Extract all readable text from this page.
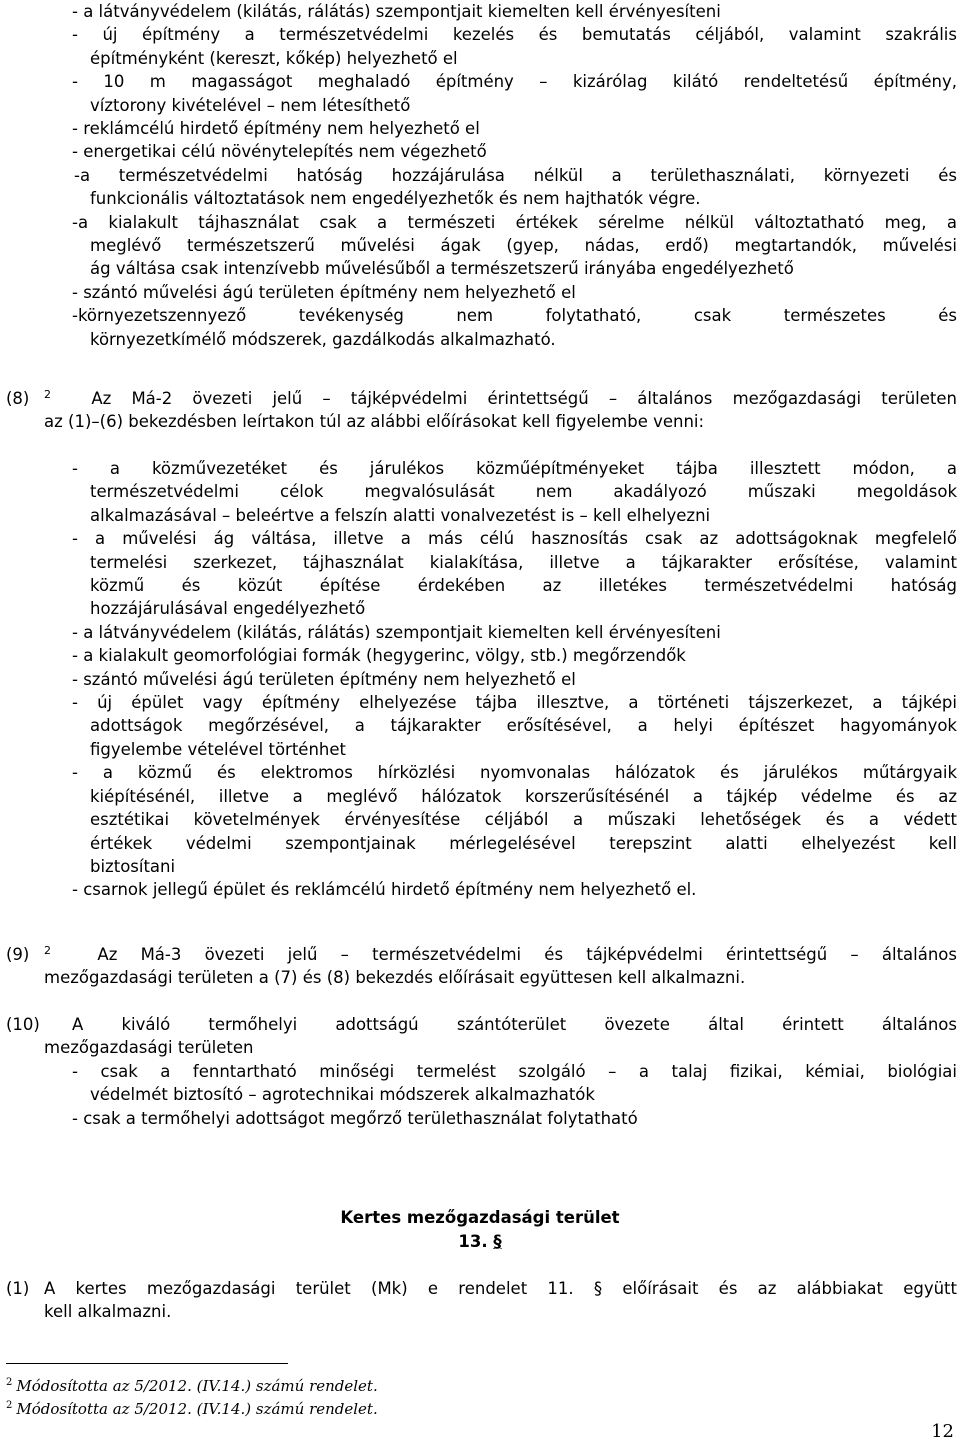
- a látványvédelem (kilátás, rálátás) szempontjait kiemelten kell érvényesíteni
- új építmény a természetvédelmi kezelés és bemutatás céljából, valamint szakrális
építményként (kereszt, kőkép) helyezhető el
- 10 m magasságot meghaladó építmény – kizárólag kilátó rendeltetésű építmény,
víztorony kivételével – nem létesíthető
- reklámcélú hirdető építmény nem helyezhető el
- energetikai célú növénytelepítés nem végezhető
-a természetvédelmi hatóság hozzájárulása nélkül a területhasználati, környezeti és
funkcionális változtatások nem engedélyezhetők és nem hajthatók végre.
-a kialakult tájhasználat csak a természeti értékek sérelme nélkül változtatható meg, a
meglévő természetszerű művelési ágak (gyep, nádas, erdő) megtartandók, művelési
ág váltása csak intenzívebb művelésűből a természetszerű irányába engedélyezhető
- szántó művelési ágú területen építmény nem helyezhető el
-környezetszennyező tevékenység nem folytatható, csak természetes és
környezetkímélő módszerek, gazdálkodás alkalmazható.
(8) $^2$ Az Má-2 övezeti jelű – tájképvédelmi érintettségű – általános mezőgazdasági területen
az (1)–(6) bekezdésben leírtakon túl az alábbi előírásokat kell figyelembe venni:
- a közművezetéket és járulékos közműépítményeket tájba illesztett módon, a
természetvédelmi célok megvalósulását nem akadályozó műszaki megoldások
alkalmazásával – beleértve a felszín alatti vonalvezetést is – kell elhelyezni
- a művelési ág váltása, illetve a más célú hasznosítás csak az adottságoknak megfelelő
termelési szerkezet, tájhasználat kialakítása, illetve a tájkarakter erősítése, valamint
közmű és közút építése érdekében az illetékes természetvédelmi hatóság
hozzájárulásával engedélyezhető
- a látványvédelem (kilátás, rálátás) szempontjait kiemelten kell érvényesíteni
- a kialakult geomorfológiai formák (hegygerinc, völgy, stb.) megőrzendők
- szántó művelési ágú területen építmény nem helyezhető el
- új épület vagy építmény elhelyezése tájba illesztve, a történeti tájszerkezet, a tájképi
adottságok megőrzésével, a tájkarakter erősítésével, a helyi építészet hagyományok
figyelembe vételével történhet
- a közmű és elektromos hírközlési nyomvonalas hálózatok és járulékos műtárgyaik
kiépítésénél, illetve a meglévő hálózatok korszerűsítésénél a tájkép védelme és az
esztétikai követelmények érvényesítése céljából a műszaki lehetőségek és a védett
értékek védelmi szempontjainak mérlegelésével terepszint alatti elhelyezést kell
biztosítani
- csarnok jellegű épület és reklámcélú hirdető építmény nem helyezhető el.
(9) $^2$	Az Má-3 övezeti jelű – természetvédelmi és tájképvédelmi érintettségű – általános
mezőgazdasági területen a (7) és (8) bekezdés előírásait együttesen kell alkalmazni.
(10) A kiváló termőhelyi adottságú szántóterület övezete által érintett általános
mezőgazdasági területen
- csak a fenntartható minőségi termelést szolgáló – a talaj fizikai, kémiai, biológiai
védelmét biztosító – agrotechnikai módszerek alkalmazhatók
- csak a termőhelyi adottságot megőrző területhasználat folytatható
Kertes mezőgazdasági terület
13. §
(1) A kertes mezőgazdasági terület (Mk) e rendelet 11. § előírásait és az alábbiakat együtt
kell alkalmazni.
$^2$ Módosította az 5/2012. (IV.14.) számú rendelet.
$^2$ Módosította az 5/2012. (IV.14.) számú rendelet.
12
